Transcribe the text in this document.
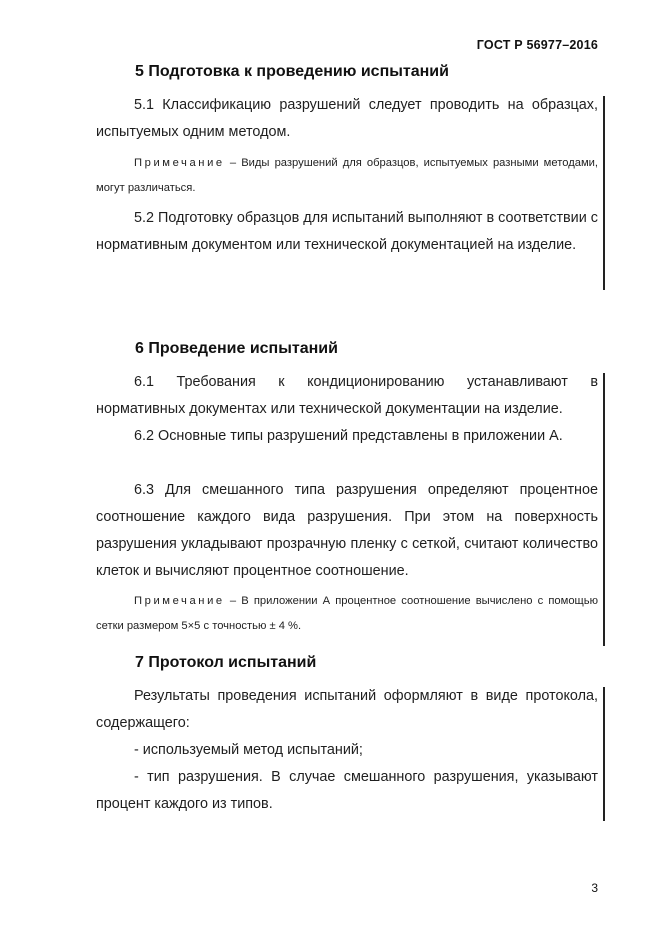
ГОСТ Р 56977–2016
5 Подготовка к проведению испытаний
5.1 Классификацию разрушений следует проводить на образцах, испытуемых одним методом.
Примечание – Виды разрушений для образцов, испытуемых разными методами, могут различаться.
5.2 Подготовку образцов для испытаний выполняют в соответствии с нормативным документом или технической документацией на изделие.
6 Проведение испытаний
6.1 Требования к кондиционированию устанавливают в нормативных документах или технической документации на изделие.
6.2 Основные типы разрушений представлены в приложении А.
6.3 Для смешанного типа разрушения определяют процентное соотношение каждого вида разрушения. При этом на поверхность разрушения укладывают прозрачную пленку с сеткой, считают количество клеток и вычисляют процентное соотношение.
Примечание – В приложении А процентное соотношение вычислено с помощью сетки размером 5×5 с точностью ± 4 %.
7 Протокол испытаний
Результаты проведения испытаний оформляют в виде протокола, содержащего:
- используемый метод испытаний;
- тип разрушения. В случае смешанного разрушения, указывают процент каждого из типов.
3
